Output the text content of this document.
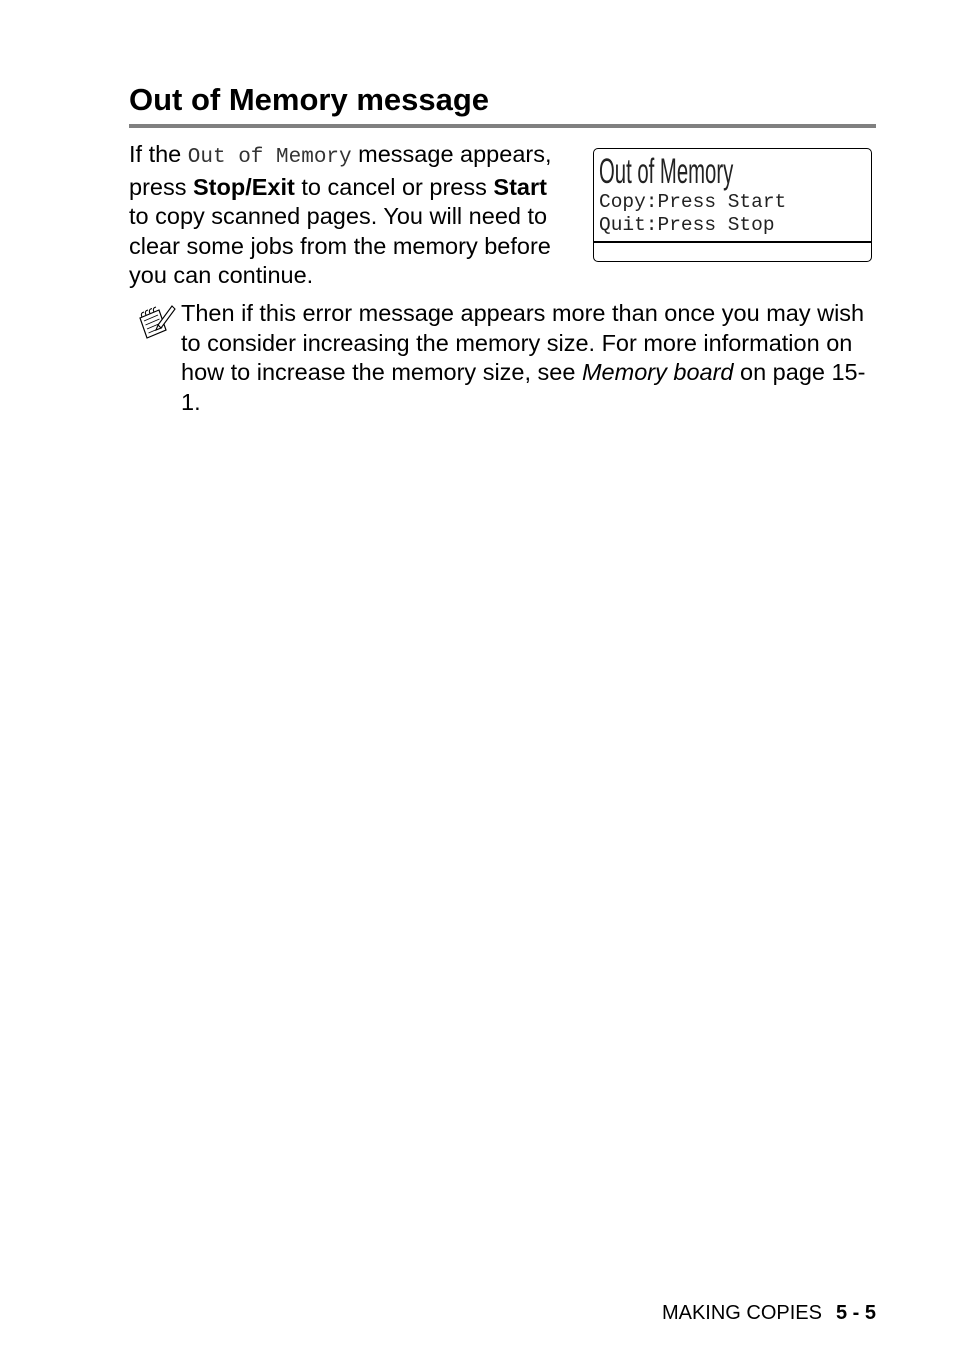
Out of Memory message

If the Out of Memory message appears, press Stop/Exit to cancel or press Start to copy scanned pages. You will need to clear some jobs from the memory before you can continue.

Out of Memory
Copy:Press Start
Quit:Press Stop

Then if this error message appears more than once you may wish to consider increasing the memory size. For more information on how to increase the memory size, see Memory board on page 15-1.

MAKING COPIES 5 - 5
